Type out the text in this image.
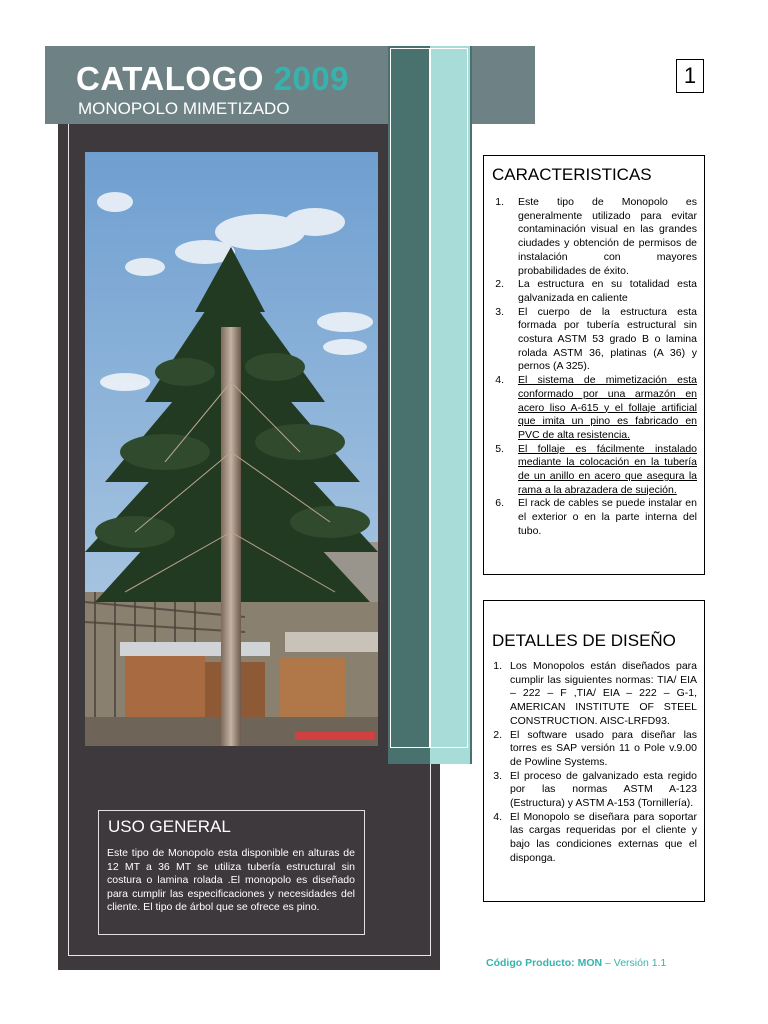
CATALOGO 2009
MONOPOLO MIMETIZADO
1
USO GENERAL
Este tipo de Monopolo esta disponible en alturas de 12 MT a 36 MT se utiliza tubería estructural sin costura o lamina rolada .El monopolo es diseñado para cumplir las especificaciones y necesidades del cliente. El tipo de árbol que se ofrece es pino.
CARACTERISTICAS
1. Este tipo de Monopolo es generalmente utilizado para evitar contaminación visual en las grandes ciudades y obtención de permisos de instalación con mayores probabilidades de éxito.
2. La estructura en su totalidad esta galvanizada en caliente
3. El cuerpo de la estructura esta formada por tubería estructural sin costura ASTM 53 grado B o lamina rolada ASTM 36, platinas (A 36) y pernos (A 325).
4. El sistema de mimetización esta conformado por una armazón en acero liso A-615 y el follaje artificial que imita un pino es fabricado en PVC de alta resistencia.
5. El follaje es fácilmente instalado mediante la colocación en la tubería de un anillo en acero que asegura la rama a la abrazadera de sujeción.
6. El rack de cables se puede instalar en el exterior o en la parte interna del tubo.
DETALLES DE DISEÑO
1. Los Monopolos están diseñados para cumplir las siguientes normas: TIA/ EIA – 222 – F ,TIA/ EIA – 222 – G-1, AMERICAN INSTITUTE OF STEEL CONSTRUCTION. AISC-LRFD93.
2. El software usado para diseñar las torres es SAP versión 11 o Pole v.9.00 de Powline Systems.
3. El proceso de galvanizado esta regido por las normas ASTM A-123 (Estructura) y ASTM A-153 (Tornillería).
4. El Monopolo se diseñara para soportar las cargas requeridas por el cliente y bajo las condiciones externas que el disponga.
Código Producto: MON – Versión 1.1
